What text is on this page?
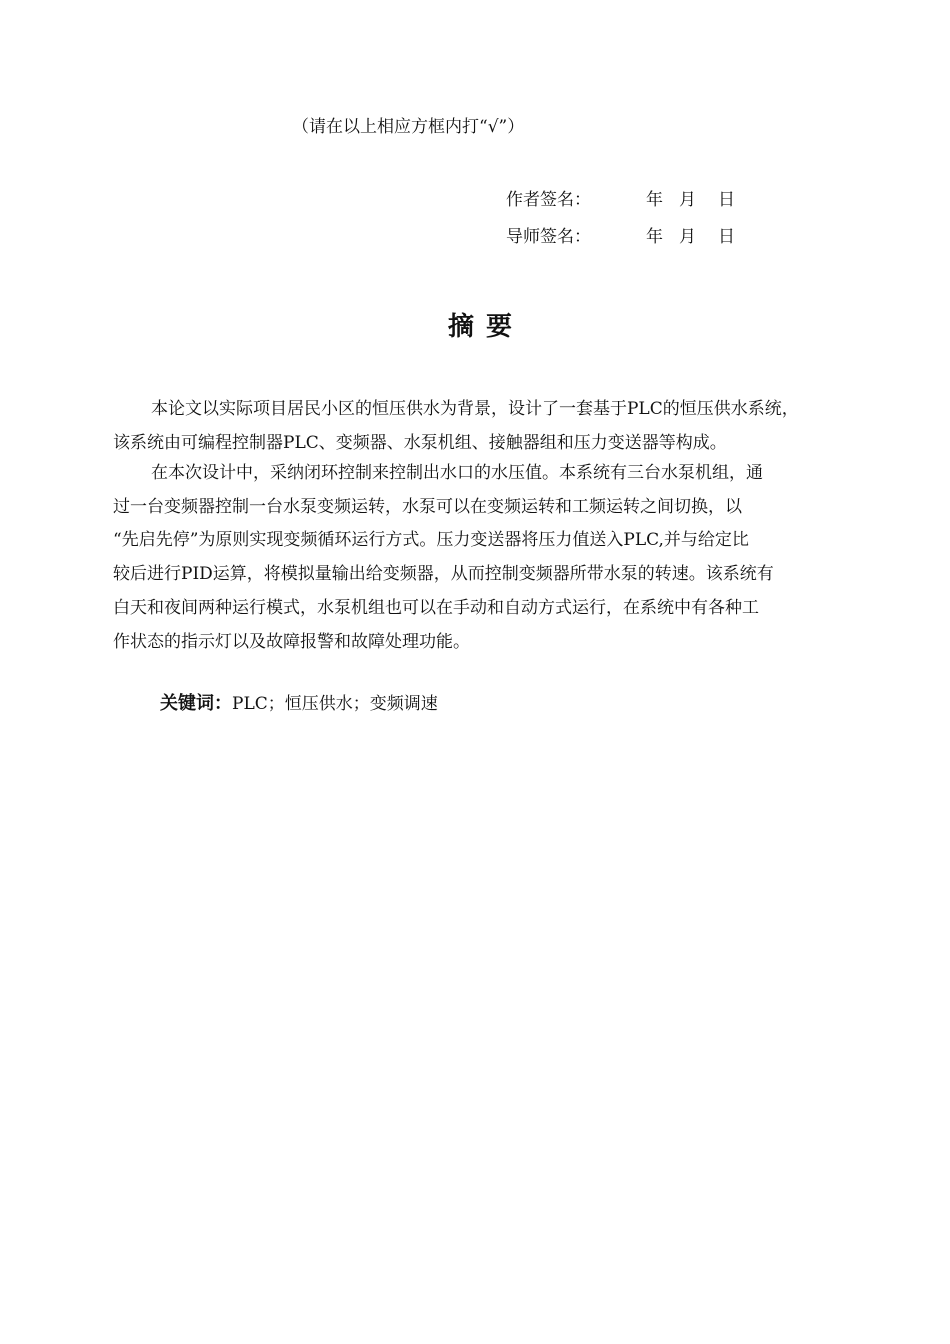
（请在以上相应方框内打“√”）
作者签名：	年 月 日
导师签名：	年 月 日
摘要

本论文以实际项目居民小区的恒压供水为背景，设计了一套基于PLC的恒压供水系统，
该系统由可编程控制器PLC、变频器、水泵机组、接触器组和压力变送器等构成。

在本次设计中，采纳闭环控制来控制出水口的水压值。本系统有三台水泵机组，通
过一台变频器控制一台水泵变频运转，水泵可以在变频运转和工频运转之间切换，以
“先启先停”为原则实现变频循环运行方式。压力变送器将压力值送入PLC,并与给定比
较后进行PID运算，将模拟量输出给变频器，从而控制变频器所带水泵的转速。该系统有
白天和夜间两种运行模式，水泵机组也可以在手动和自动方式运行，在系统中有各种工
作状态的指示灯以及故障报警和故障处理功能。

关键词：PLC；恒压供水；变频调速
